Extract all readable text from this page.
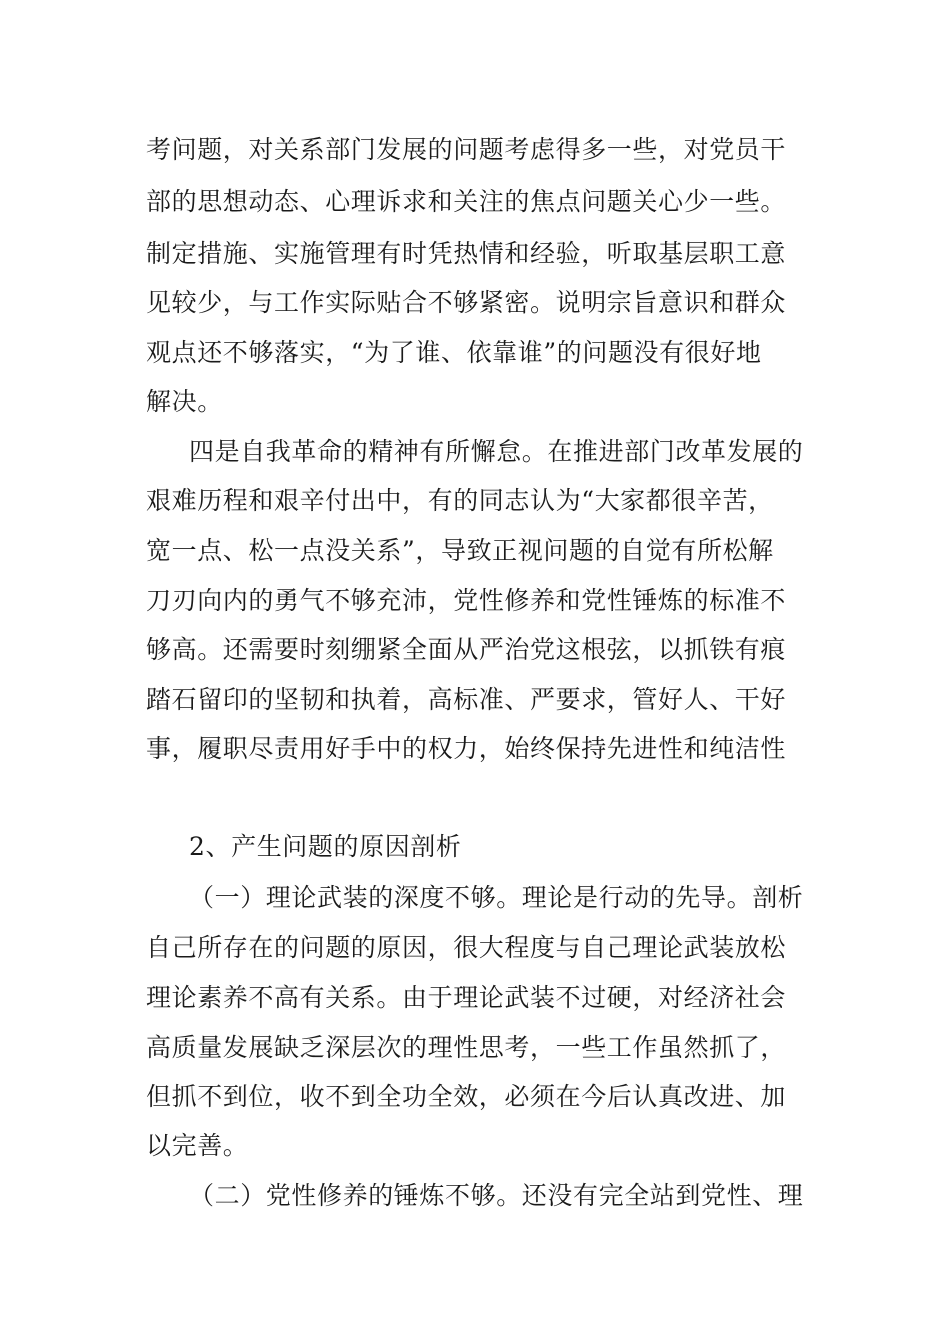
考问题，对关系部门发展的问题考虑得多一些，对党员干
部的思想动态、心理诉求和关注的焦点问题关心少一些。
制定措施、实施管理有时凭热情和经验，听取基层职工意
见较少，与工作实际贴合不够紧密。说明宗旨意识和群众
观点还不够落实，“为了谁、依靠谁”的问题没有很好地
解决。
四是自我革命的精神有所懈怠。在推进部门改革发展的
艰难历程和艰辛付出中，有的同志认为“大家都很辛苦，
宽一点、松一点没关系”，导致正视问题的自觉有所松解
刀刃向内的勇气不够充沛，党性修养和党性锤炼的标准不
够高。还需要时刻绷紧全面从严治党这根弦，以抓铁有痕
踏石留印的坚韧和执着，高标准、严要求，管好人、干好
事，履职尽责用好手中的权力，始终保持先进性和纯洁性
2、产生问题的原因剖析
（一）理论武装的深度不够。理论是行动的先导。剖析
自己所存在的问题的原因，很大程度与自己理论武装放松
理论素养不高有关系。由于理论武装不过硬，对经济社会
高质量发展缺乏深层次的理性思考，一些工作虽然抓了，
但抓不到位，收不到全功全效，必须在今后认真改进、加
以完善。
（二）党性修养的锤炼不够。还没有完全站到党性、理
